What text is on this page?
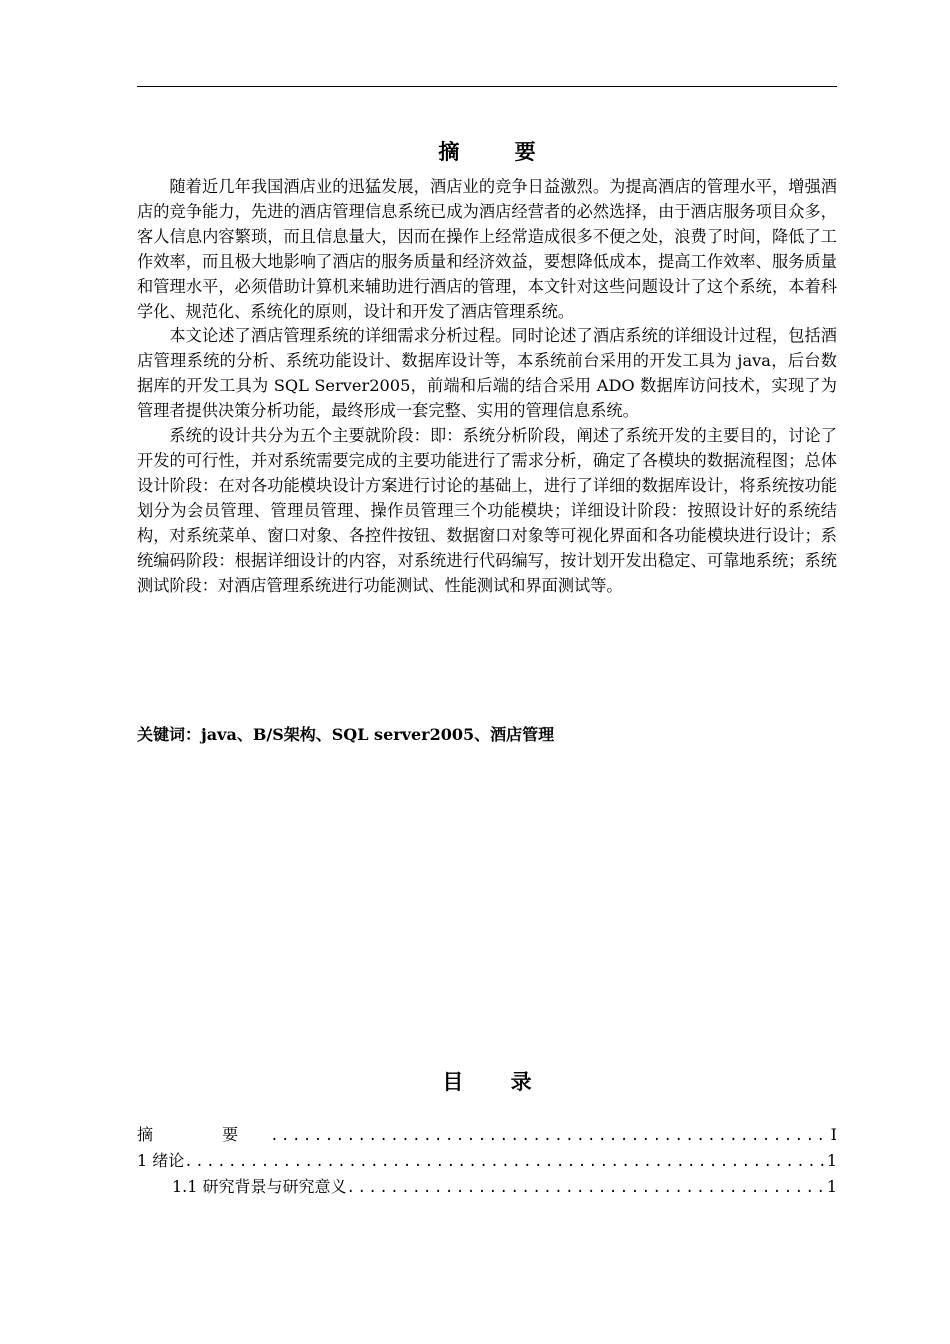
摘 要

随着近几年我国酒店业的迅猛发展，酒店业的竞争日益激烈。为提高酒店的管理水平，增强酒店的竞争能力，先进的酒店管理信息系统已成为酒店经营者的必然选择，由于酒店服务项目众多，客人信息内容繁琐，而且信息量大，因而在操作上经常造成很多不便之处，浪费了时间，降低了工作效率，而且极大地影响了酒店的服务质量和经济效益，要想降低成本，提高工作效率、服务质量和管理水平，必须借助计算机来辅助进行酒店的管理，本文针对这些问题设计了这个系统，本着科学化、规范化、系统化的原则，设计和开发了酒店管理系统。

本文论述了酒店管理系统的详细需求分析过程。同时论述了酒店系统的详细设计过程，包括酒店管理系统的分析、系统功能设计、数据库设计等，本系统前台采用的开发工具为 java，后台数据库的开发工具为 SQL Server2005，前端和后端的结合采用 ADO 数据库访问技术，实现了为管理者提供决策分析功能，最终形成一套完整、实用的管理信息系统。

系统的设计共分为五个主要就阶段：即：系统分析阶段，阐述了系统开发的主要目的，讨论了开发的可行性，并对系统需要完成的主要功能进行了需求分析，确定了各模块的数据流程图；总体设计阶段：在对各功能模块设计方案进行讨论的基础上，进行了详细的数据库设计，将系统按功能划分为会员管理、管理员管理、操作员管理三个功能模块；详细设计阶段：按照设计好的系统结构，对系统菜单、窗口对象、各控件按钮、数据窗口对象等可视化界面和各功能模块进行设计；系统编码阶段：根据详细设计的内容，对系统进行代码编写，按计划开发出稳定、可靠地系统；系统测试阶段：对酒店管理系统进行功能测试、性能测试和界面测试等。

关键词：java、B/S架构、SQL server2005、酒店管理
目 录
摘 要 .....	I
1 绪论 .....	1
1.1 研究背景与研究意义 .....	1
